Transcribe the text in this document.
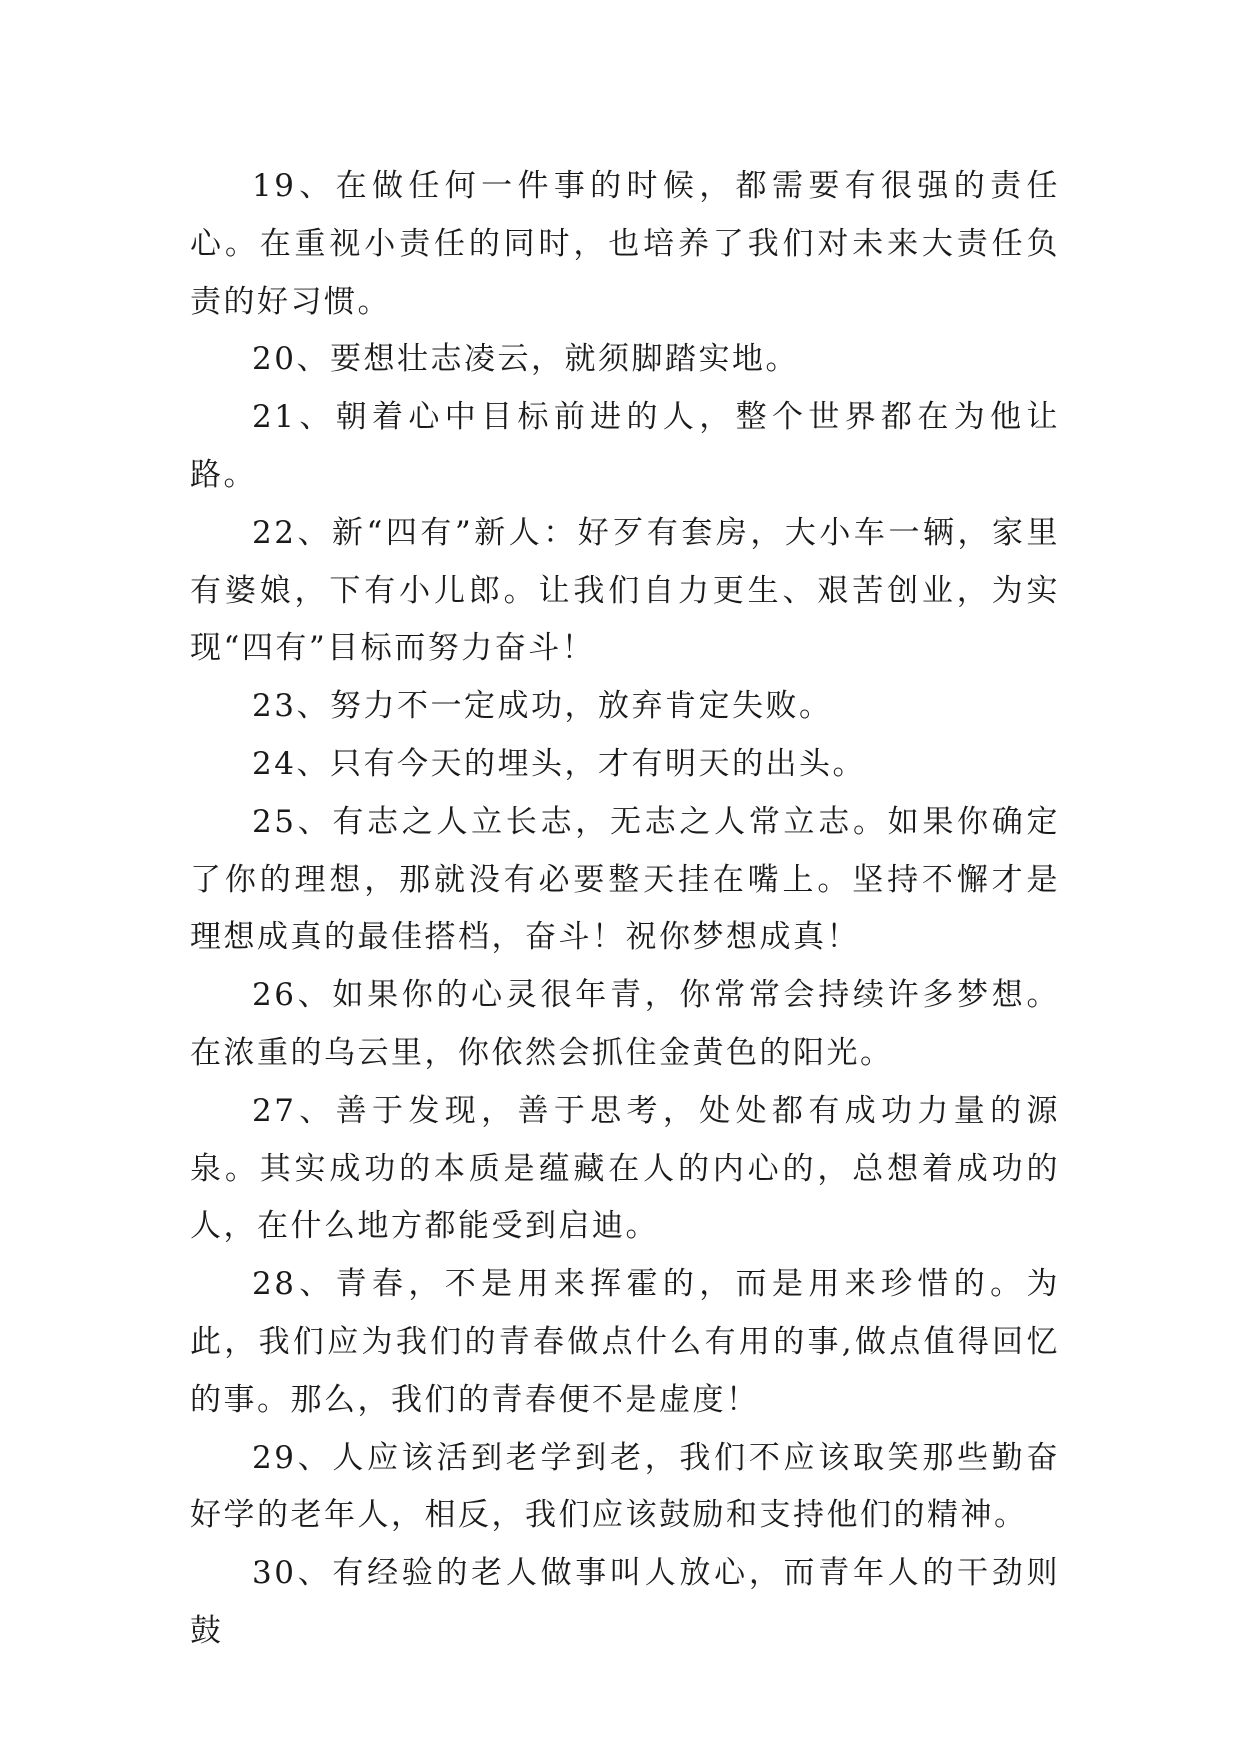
19、在做任何一件事的时候，都需要有很强的责任心。在重视小责任的同时，也培养了我们对未来大责任负责的好习惯。

20、要想壮志凌云，就须脚踏实地。

21、朝着心中目标前进的人，整个世界都在为他让路。

22、新“四有”新人：好歹有套房，大小车一辆，家里有婆娘，下有小儿郎。让我们自力更生、艰苦创业，为实现“四有”目标而努力奋斗！

23、努力不一定成功，放弃肯定失败。

24、只有今天的埋头，才有明天的出头。

25、有志之人立长志，无志之人常立志。如果你确定了你的理想，那就没有必要整天挂在嘴上。坚持不懈才是理想成真的最佳搭档，奋斗！祝你梦想成真！

26、如果你的心灵很年青，你常常会持续许多梦想。在浓重的乌云里，你依然会抓住金黄色的阳光。

27、善于发现，善于思考，处处都有成功力量的源泉。其实成功的本质是蕴藏在人的内心的，总想着成功的人，在什么地方都能受到启迪。

28、青春，不是用来挥霍的，而是用来珍惜的。为此，我们应为我们的青春做点什么有用的事,做点值得回忆的事。那么，我们的青春便不是虚度！

29、人应该活到老学到老，我们不应该取笑那些勤奋好学的老年人，相反，我们应该鼓励和支持他们的精神。

30、有经验的老人做事叫人放心，而青年人的干劲则鼓
